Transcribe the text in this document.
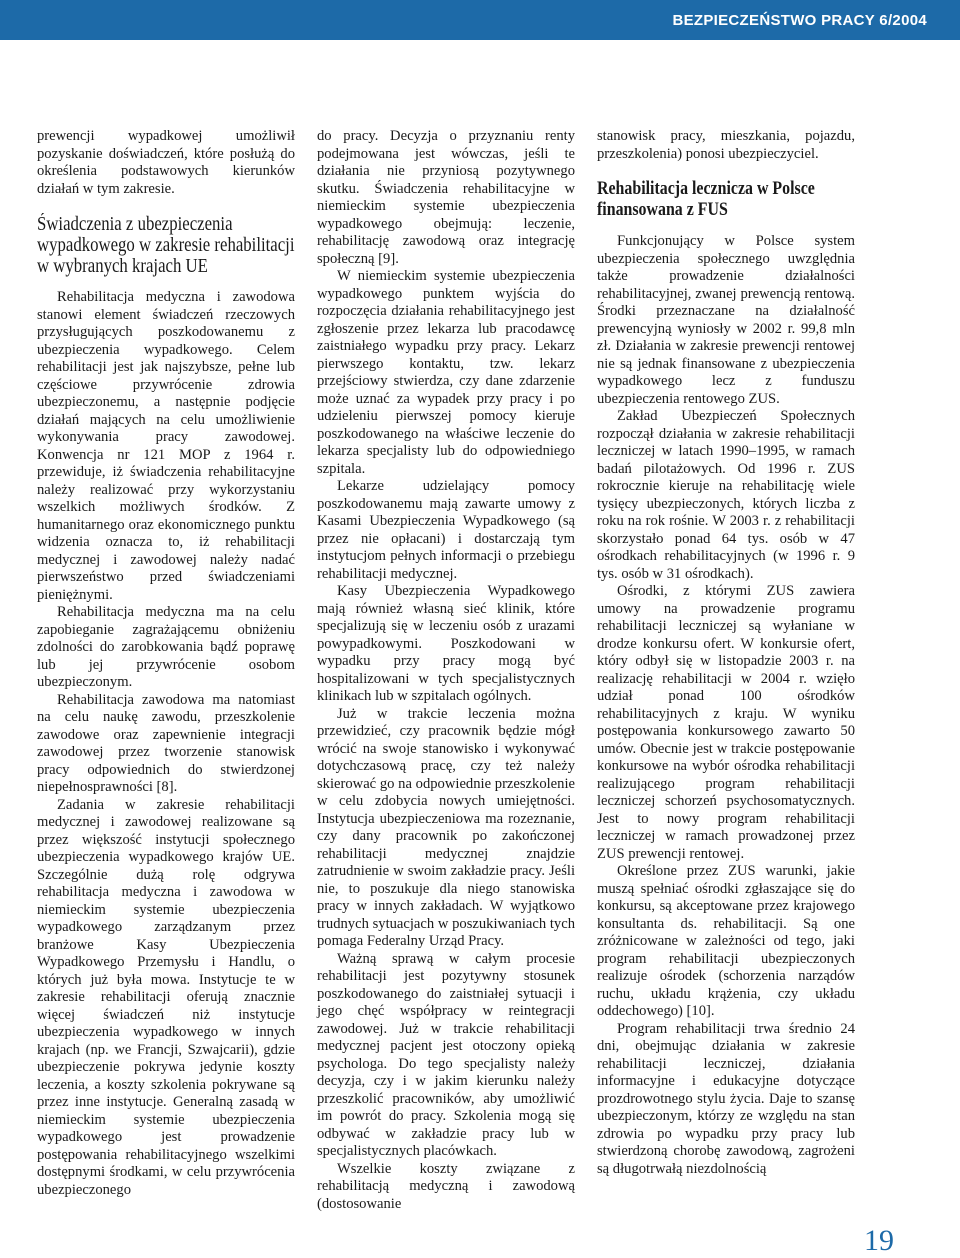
BEZPIECZEŃSTWO PRACY 6/2004

prewencji wypadkowej umożliwił pozyskanie doświadczeń, które posłużą do określenia podstawowych kierunków działań w tym zakresie.

Świadczenia z ubezpieczenia wypadkowego w zakresie rehabilitacji w wybranych krajach UE

Rehabilitacja medyczna i zawodowa stanowi element świadczeń rzeczowych przysługujących poszkodowanemu z ubezpieczenia wypadkowego. Celem rehabilitacji jest jak najszybsze, pełne lub częściowe przywrócenie zdrowia ubezpieczonemu, a następnie podjęcie działań mających na celu umożliwienie wykonywania pracy zawodowej. Konwencja nr 121 MOP z 1964 r. przewiduje, iż świadczenia rehabilitacyjne należy realizować przy wykorzystaniu wszelkich możliwych środków. Z humanitarnego oraz ekonomicznego punktu widzenia oznacza to, iż rehabilitacji medycznej i zawodowej należy nadać pierwszeństwo przed świadczeniami pieniężnymi.

Rehabilitacja medyczna ma na celu zapobieganie zagrażającemu obniżeniu zdolności do zarobkowania bądź poprawę lub jej przywrócenie osobom ubezpieczonym.

Rehabilitacja zawodowa ma natomiast na celu naukę zawodu, przeszkolenie zawodowe oraz zapewnienie integracji zawodowej przez tworzenie stanowisk pracy odpowiednich do stwierdzonej niepełnosprawności [8].

Zadania w zakresie rehabilitacji medycznej i zawodowej realizowane są przez większość instytucji społecznego ubezpieczenia wypadkowego krajów UE. Szczególnie dużą rolę odgrywa rehabilitacja medyczna i zawodowa w niemieckim systemie ubezpieczenia wypadkowego zarządzanym przez branżowe Kasy Ubezpieczenia Wypadkowego Przemysłu i Handlu, o których już była mowa. Instytucje te w zakresie rehabilitacji oferują znacznie więcej świadczeń niż instytucje ubezpieczenia wypadkowego w innych krajach (np. we Francji, Szwajcarii), gdzie ubezpieczenie pokrywa jedynie koszty leczenia, a koszty szkolenia pokrywane są przez inne instytucje. Generalną zasadą w niemieckim systemie ubezpieczenia wypadkowego jest prowadzenie postępowania rehabilitacyjnego wszelkimi dostępnymi środkami, w celu przywrócenia ubezpieczonego

do pracy. Decyzja o przyznaniu renty podejmowana jest wówczas, jeśli te działania nie przyniosą pozytywnego skutku. Świadczenia rehabilitacyjne w niemieckim systemie ubezpieczenia wypadkowego obejmują: leczenie, rehabilitację zawodową oraz integrację społeczną [9].

W niemieckim systemie ubezpieczenia wypadkowego punktem wyjścia do rozpoczęcia działania rehabilitacyjnego jest zgłoszenie przez lekarza lub pracodawcę zaistniałego wypadku przy pracy. Lekarz pierwszego kontaktu, tzw. lekarz przejściowy stwierdza, czy dane zdarzenie może uznać za wypadek przy pracy i po udzieleniu pierwszej pomocy kieruje poszkodowanego na właściwe leczenie do lekarza specjalisty lub do odpowiedniego szpitala.

Lekarze udzielający pomocy poszkodowanemu mają zawarte umowy z Kasami Ubezpieczenia Wypadkowego (są przez nie opłacani) i dostarczają tym instytucjom pełnych informacji o przebiegu rehabilitacji medycznej.

Kasy Ubezpieczenia Wypadkowego mają również własną sieć klinik, które specjalizują się w leczeniu osób z urazami powypadkowymi. Poszkodowani w wypadku przy pracy mogą być hospitalizowani w tych specjalistycznych klinikach lub w szpitalach ogólnych.

Już w trakcie leczenia można przewidzieć, czy pracownik będzie mógł wrócić na swoje stanowisko i wykonywać dotychczasową pracę, czy też należy skierować go na odpowiednie przeszkolenie w celu zdobycia nowych umiejętności. Instytucja ubezpieczeniowa ma rozeznanie, czy dany pracownik po zakończonej rehabilitacji medycznej znajdzie zatrudnienie w swoim zakładzie pracy. Jeśli nie, to poszukuje dla niego stanowiska pracy w innych zakładach. W wyjątkowo trudnych sytuacjach w poszukiwaniach tych pomaga Federalny Urząd Pracy.

Ważną sprawą w całym procesie rehabilitacji jest pozytywny stosunek poszkodowanego do zaistniałej sytuacji i jego chęć współpracy w reintegracji zawodowej. Już w trakcie rehabilitacji medycznej pacjent jest otoczony opieką psychologa. Do tego specjalisty należy decyzja, czy i w jakim kierunku należy przeszkolić pracowników, aby umożliwić im powrót do pracy. Szkolenia mogą się odbywać w zakładzie pracy lub w specjalistycznych placówkach.

Wszelkie koszty związane z rehabilitacją medyczną i zawodową (dostosowanie

stanowisk pracy, mieszkania, pojazdu, przeszkolenia) ponosi ubezpieczyciel.

Rehabilitacja lecznicza w Polsce finansowana z FUS

Funkcjonujący w Polsce system ubezpieczenia społecznego uwzględnia także prowadzenie działalności rehabilitacyjnej, zwanej prewencją rentową. Środki przeznaczane na działalność prewencyjną wyniosły w 2002 r. 99,8 mln zł. Działania w zakresie prewencji rentowej nie są jednak finansowane z ubezpieczenia wypadkowego lecz z funduszu ubezpieczenia rentowego ZUS.

Zakład Ubezpieczeń Społecznych rozpoczął działania w zakresie rehabilitacji leczniczej w latach 1990–1995, w ramach badań pilotażowych. Od 1996 r. ZUS rokrocznie kieruje na rehabilitację wiele tysięcy ubezpieczonych, których liczba z roku na rok rośnie. W 2003 r. z rehabilitacji skorzystało ponad 64 tys. osób w 47 ośrodkach rehabilitacyjnych (w 1996 r. 9 tys. osób w 31 ośrodkach).

Ośrodki, z którymi ZUS zawiera umowy na prowadzenie programu rehabilitacji leczniczej są wyłaniane w drodze konkursu ofert. W konkursie ofert, który odbył się w listopadzie 2003 r. na realizację rehabilitacji w 2004 r. wzięło udział ponad 100 ośrodków rehabilitacyjnych z kraju. W wyniku postępowania konkursowego zawarto 50 umów. Obecnie jest w trakcie postępowanie konkursowe na wybór ośrodka rehabilitacji realizującego program rehabilitacji leczniczej schorzeń psychosomatycznych. Jest to nowy program rehabilitacji leczniczej w ramach prowadzonej przez ZUS prewencji rentowej.

Określone przez ZUS warunki, jakie muszą spełniać ośrodki zgłaszające się do konkursu, są akceptowane przez krajowego konsultanta ds. rehabilitacji. Są one zróżnicowane w zależności od tego, jaki program rehabilitacji ubezpieczonych realizuje ośrodek (schorzenia narządów ruchu, układu krążenia, czy układu oddechowego) [10].

Program rehabilitacji trwa średnio 24 dni, obejmując działania w zakresie rehabilitacji leczniczej, działania informacyjne i edukacyjne dotyczące prozdrowotnego stylu życia. Daje to szansę ubezpieczonym, którzy ze względu na stan zdrowia po wypadku przy pracy lub stwierdzoną chorobę zawodową, zagrożeni są długotrwałą niezdolnością

19
